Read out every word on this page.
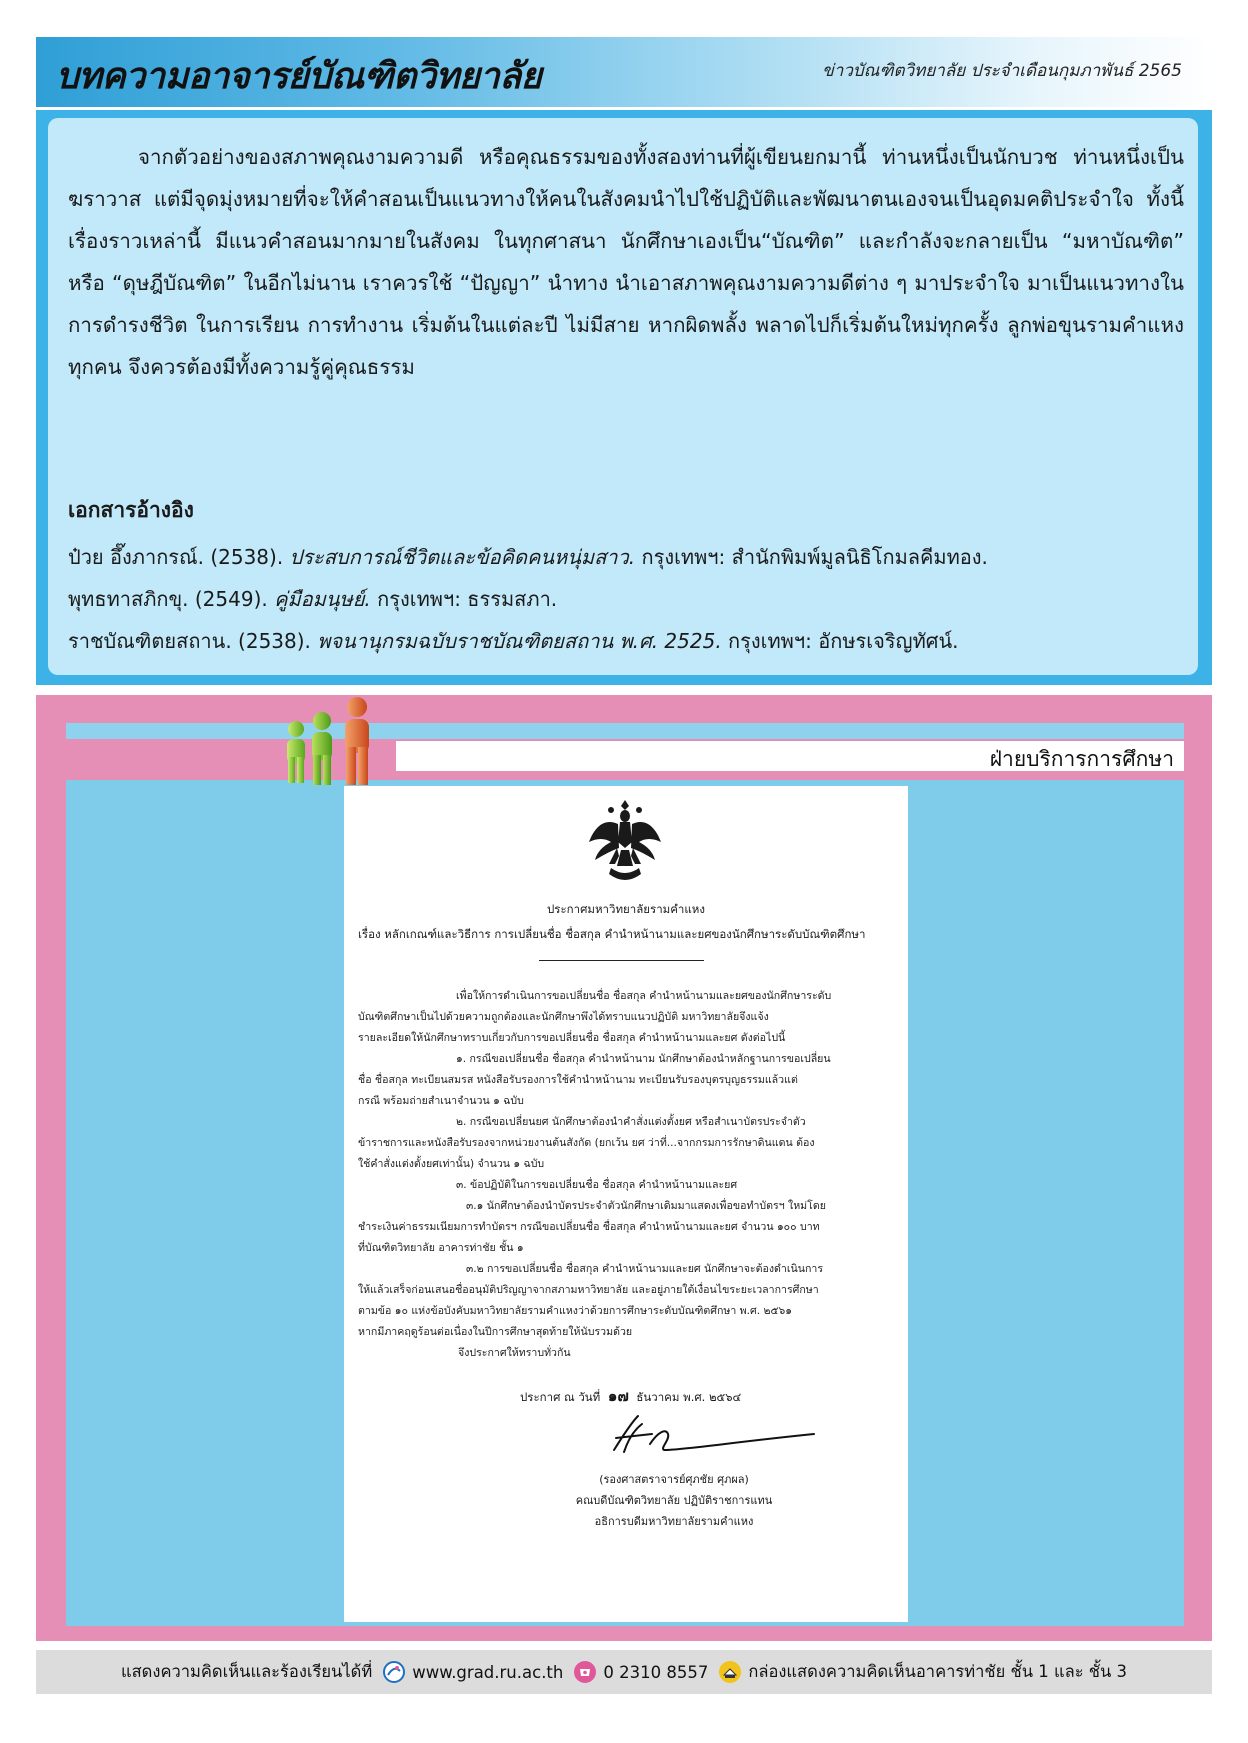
บทความอาจารย์บัณฑิตวิทยาลัย	ข่าวบัณฑิตวิทยาลัย ประจำเดือนกุมภาพันธ์ 2565

จากตัวอย่างของสภาพคุณงามความดี หรือคุณธรรมของทั้งสองท่านที่ผู้เขียนยกมานี้ ท่านหนึ่งเป็นนักบวช ท่านหนึ่งเป็นฆราวาส แต่มีจุดมุ่งหมายที่จะให้คำสอนเป็นแนวทางให้คนในสังคมนำไปใช้ปฏิบัติและพัฒนาตนเองจนเป็นอุดมคติประจำใจ ทั้งนี้เรื่องราวเหล่านี้ มีแนวคำสอนมากมายในสังคม ในทุกศาสนา นักศึกษาเองเป็น“บัณฑิต” และกำลังจะกลายเป็น “มหาบัณฑิต” หรือ “ดุษฎีบัณฑิต” ในอีกไม่นาน เราควรใช้ “ปัญญา” นำทาง นำเอาสภาพคุณงามความดีต่าง ๆ มาประจำใจ มาเป็นแนวทางในการดำรงชีวิต ในการเรียน การทำงาน เริ่มต้นในแต่ละปี ไม่มีสาย หากผิดพลั้ง พลาดไปก็เริ่มต้นใหม่ทุกครั้ง ลูกพ่อขุนรามคำแหงทุกคน จึงควรต้องมีทั้งความรู้คู่คุณธรรม

เอกสารอ้างอิง
ป๋วย อึ๊งภากรณ์. (2538). ประสบการณ์ชีวิตและข้อคิดคนหนุ่มสาว. กรุงเทพฯ: สำนักพิมพ์มูลนิธิโกมลคีมทอง.
พุทธทาสภิกขุ. (2549). คู่มือมนุษย์. กรุงเทพฯ: ธรรมสภา.
ราชบัณฑิตยสถาน. (2538). พจนานุกรมฉบับราชบัณฑิตยสถาน พ.ศ. 2525. กรุงเทพฯ: อักษรเจริญทัศน์.
ฝ่ายบริการการศึกษา
ประกาศมหาวิทยาลัยรามคำแหง
เรื่อง หลักเกณฑ์และวิธีการ การเปลี่ยนชื่อ ชื่อสกุล คำนำหน้านามและยศของนักศึกษาระดับบัณฑิตศึกษา
เพื่อให้การดำเนินการขอเปลี่ยนชื่อ ชื่อสกุล คำนำหน้านามและยศของนักศึกษาระดับ
บัณฑิตศึกษาเป็นไปด้วยความถูกต้องและนักศึกษาพึงได้ทราบแนวปฏิบัติ มหาวิทยาลัยจึงแจ้ง
รายละเอียดให้นักศึกษาทราบเกี่ยวกับการขอเปลี่ยนชื่อ ชื่อสกุล คำนำหน้านามและยศ ดังต่อไปนี้
๑. กรณีขอเปลี่ยนชื่อ ชื่อสกุล คำนำหน้านาม นักศึกษาต้องนำหลักฐานการขอเปลี่ยน
ชื่อ ชื่อสกุล ทะเบียนสมรส หนังสือรับรองการใช้คำนำหน้านาม ทะเบียนรับรองบุตรบุญธรรมแล้วแต่
กรณี พร้อมถ่ายสำเนาจำนวน ๑ ฉบับ
๒. กรณีขอเปลี่ยนยศ นักศึกษาต้องนำคำสั่งแต่งตั้งยศ หรือสำเนาบัตรประจำตัว
ข้าราชการและหนังสือรับรองจากหน่วยงานต้นสังกัด (ยกเว้น ยศ ว่าที่...จากกรมการรักษาดินแดน ต้อง
ใช้คำสั่งแต่งตั้งยศเท่านั้น) จำนวน ๑ ฉบับ
๓. ข้อปฏิบัติในการขอเปลี่ยนชื่อ ชื่อสกุล คำนำหน้านามและยศ
๓.๑ นักศึกษาต้องนำบัตรประจำตัวนักศึกษาเดิมมาแสดงเพื่อขอทำบัตรฯ ใหม่โดย
ชำระเงินค่าธรรมเนียมการทำบัตรฯ กรณีขอเปลี่ยนชื่อ ชื่อสกุล คำนำหน้านามและยศ จำนวน ๑๐๐ บาท
ที่บัณฑิตวิทยาลัย อาคารท่าชัย ชั้น ๑
๓.๒ การขอเปลี่ยนชื่อ ชื่อสกุล คำนำหน้านามและยศ นักศึกษาจะต้องดำเนินการ
ให้แล้วเสร็จก่อนเสนอชื่ออนุมัติปริญญาจากสภามหาวิทยาลัย และอยู่ภายใต้เงื่อนไขระยะเวลาการศึกษา
ตามข้อ ๑๐ แห่งข้อบังคับมหาวิทยาลัยรามคำแหงว่าด้วยการศึกษาระดับบัณฑิตศึกษา พ.ศ. ๒๕๖๑
หากมีภาคฤดูร้อนต่อเนื่องในปีการศึกษาสุดท้ายให้นับรวมด้วย
จึงประกาศให้ทราบทั่วกัน
ประกาศ ณ วันที่ ๑๗ ธันวาคม พ.ศ. ๒๕๖๔
(รองศาสตราจารย์ศุภชัย ศุภผล)
คณบดีบัณฑิตวิทยาลัย ปฏิบัติราชการแทน
อธิการบดีมหาวิทยาลัยรามคำแหง
แสดงความคิดเห็นและร้องเรียนได้ที่ www.grad.ru.ac.th 0 2310 8557 กล่องแสดงความคิดเห็นอาคารท่าชัย ชั้น 1 และ ชั้น 3
